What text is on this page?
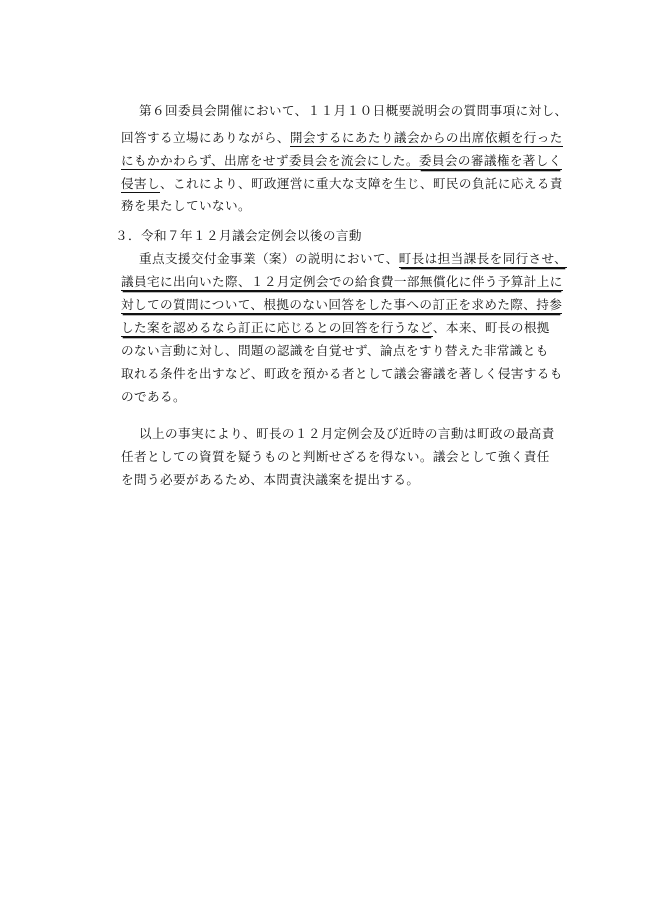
第６回委員会開催において、１１月１０日概要説明会の質問事項に対し、
回答する立場にありながら、開会するにあたり議会からの出席依頼を行った
にもかかわらず、出席をせず委員会を流会にした。委員会の審議権を著しく
侵害し、これにより、町政運営に重大な支障を生じ、町民の負託に応える責
務を果たしていない。
３．令和７年１２月議会定例会以後の言動
重点支援交付金事業（案）の説明において、町長は担当課長を同行させ、
議員宅に出向いた際、１２月定例会での給食費一部無償化に伴う予算計上に
対しての質問について、根拠のない回答をした事への訂正を求めた際、持参
した案を認めるなら訂正に応じるとの回答を行うなど、本来、町長の根拠
のない言動に対し、問題の認識を自覚せず、論点をすり替えた非常識とも
取れる条件を出すなど、町政を預かる者として議会審議を著しく侵害するも
のである。
以上の事実により、町長の１２月定例会及び近時の言動は町政の最高責
任者としての資質を疑うものと判断せざるを得ない。議会として強く責任
を問う必要があるため、本問責決議案を提出する。
